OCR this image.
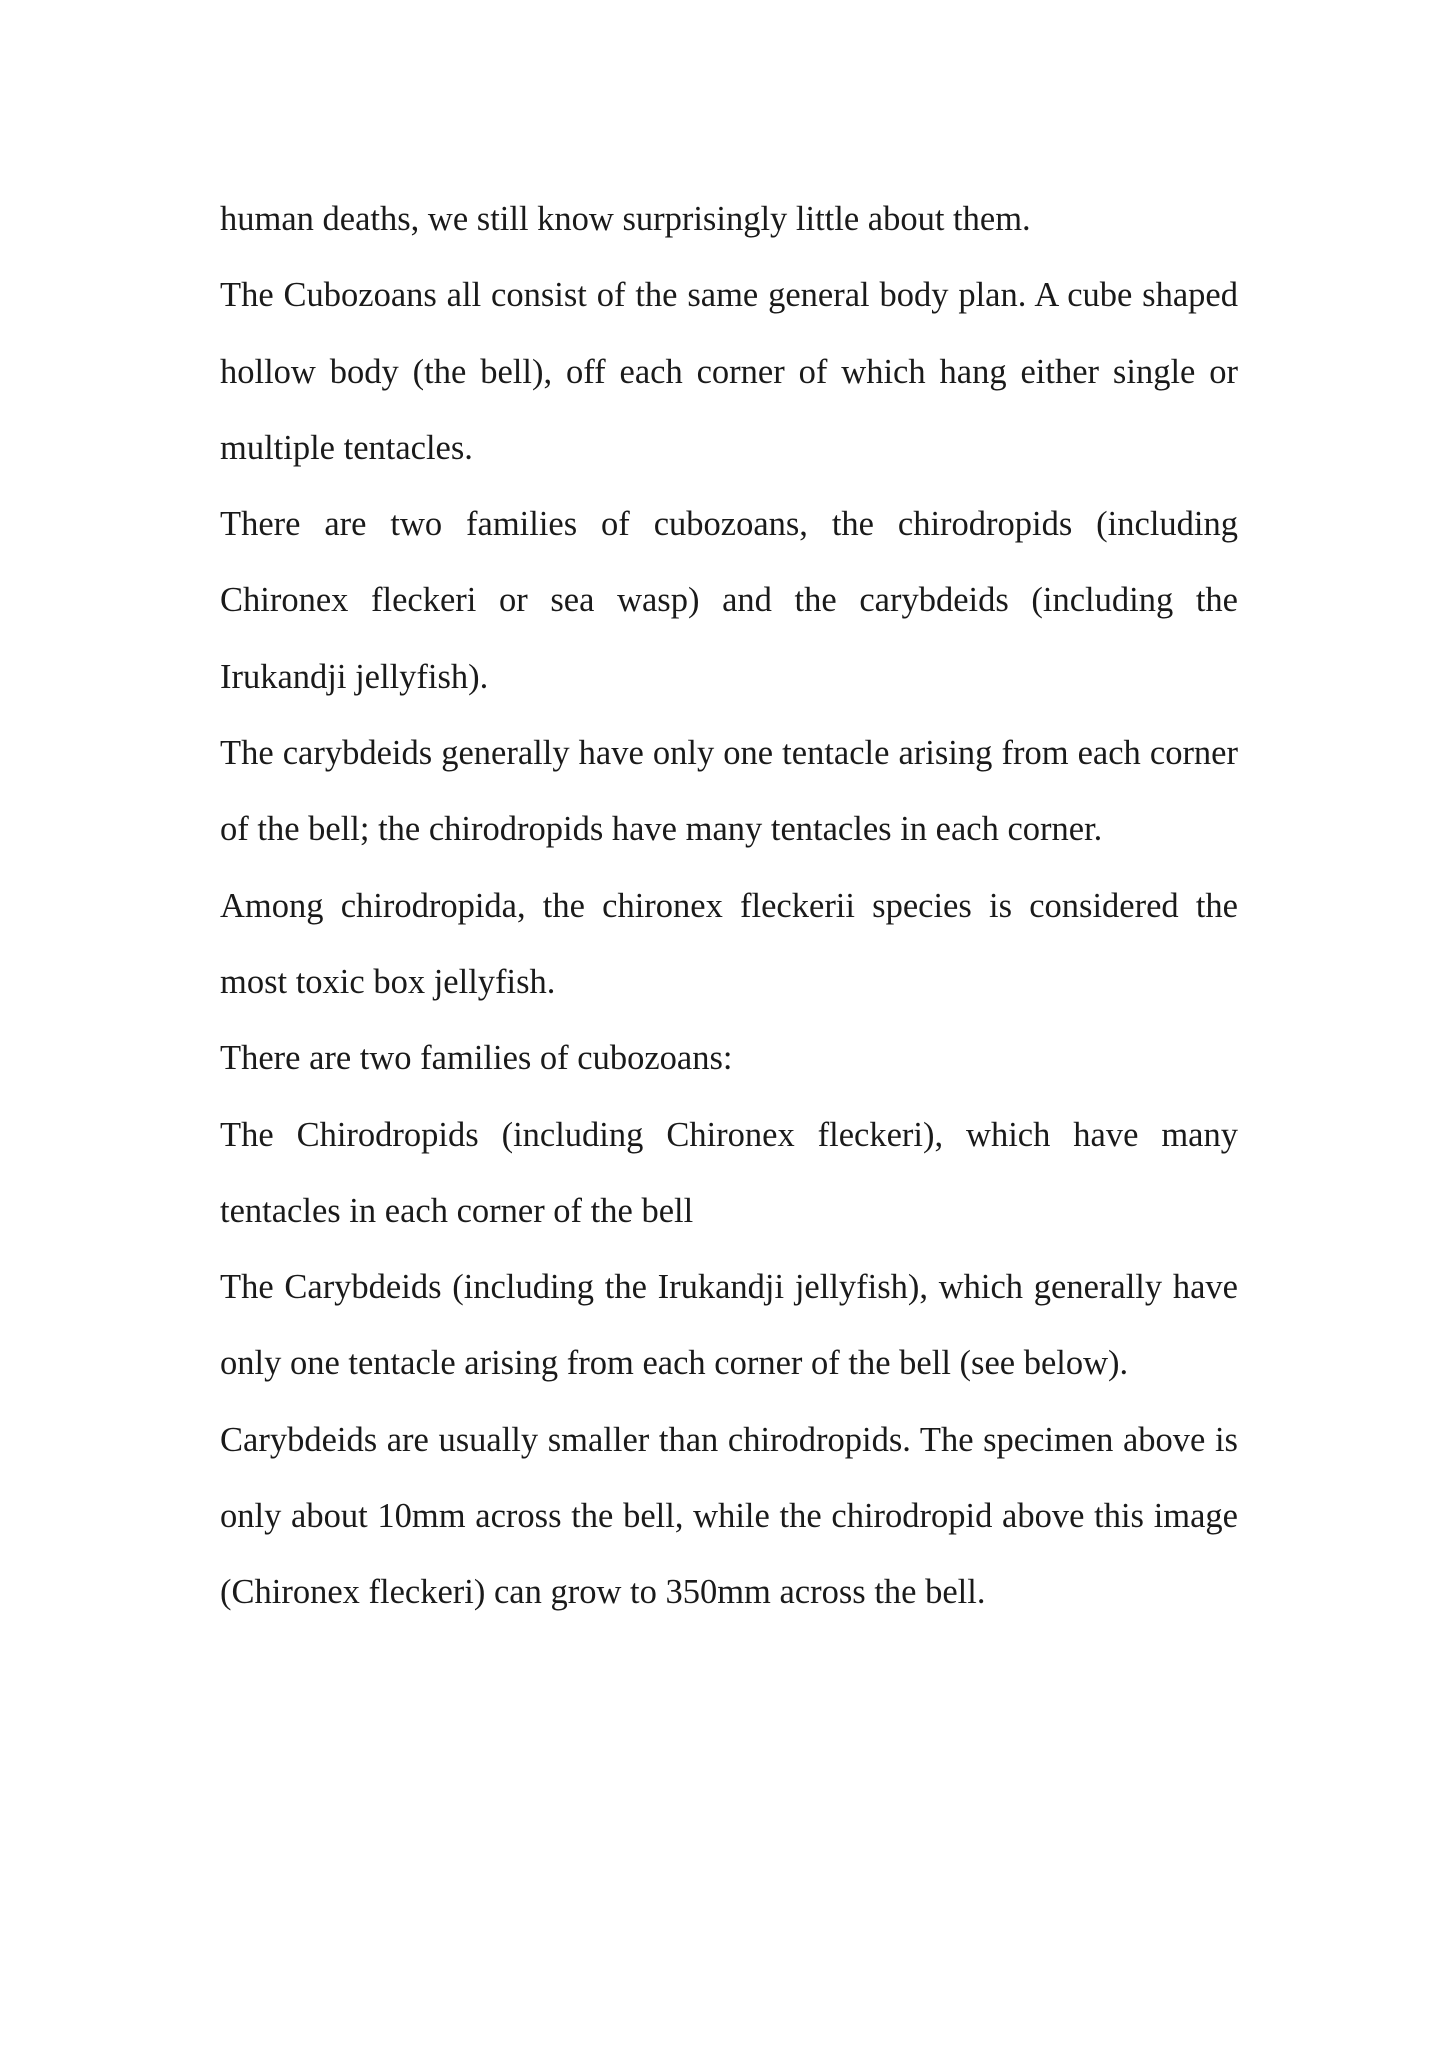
human deaths, we still know surprisingly little about them.

The Cubozoans all consist of the same general body plan. A cube shaped hollow body (the bell), off each corner of which hang either single or multiple tentacles.

There are two families of cubozoans, the chirodropids (including Chironex fleckeri or sea wasp) and the carybdeids (including the Irukandji jellyfish).

The carybdeids generally have only one tentacle arising from each corner of the bell; the chirodropids have many tentacles in each corner.

Among chirodropida, the chironex fleckerii species is considered the most toxic box jellyfish.

There are two families of cubozoans:

The Chirodropids (including Chironex fleckeri), which have many tentacles in each corner of the bell

The Carybdeids (including the Irukandji jellyfish), which generally have only one tentacle arising from each corner of the bell (see below).

Carybdeids are usually smaller than chirodropids. The specimen above is only about 10mm across the bell, while the chirodropid above this image (Chironex fleckeri) can grow to 350mm across the bell.
